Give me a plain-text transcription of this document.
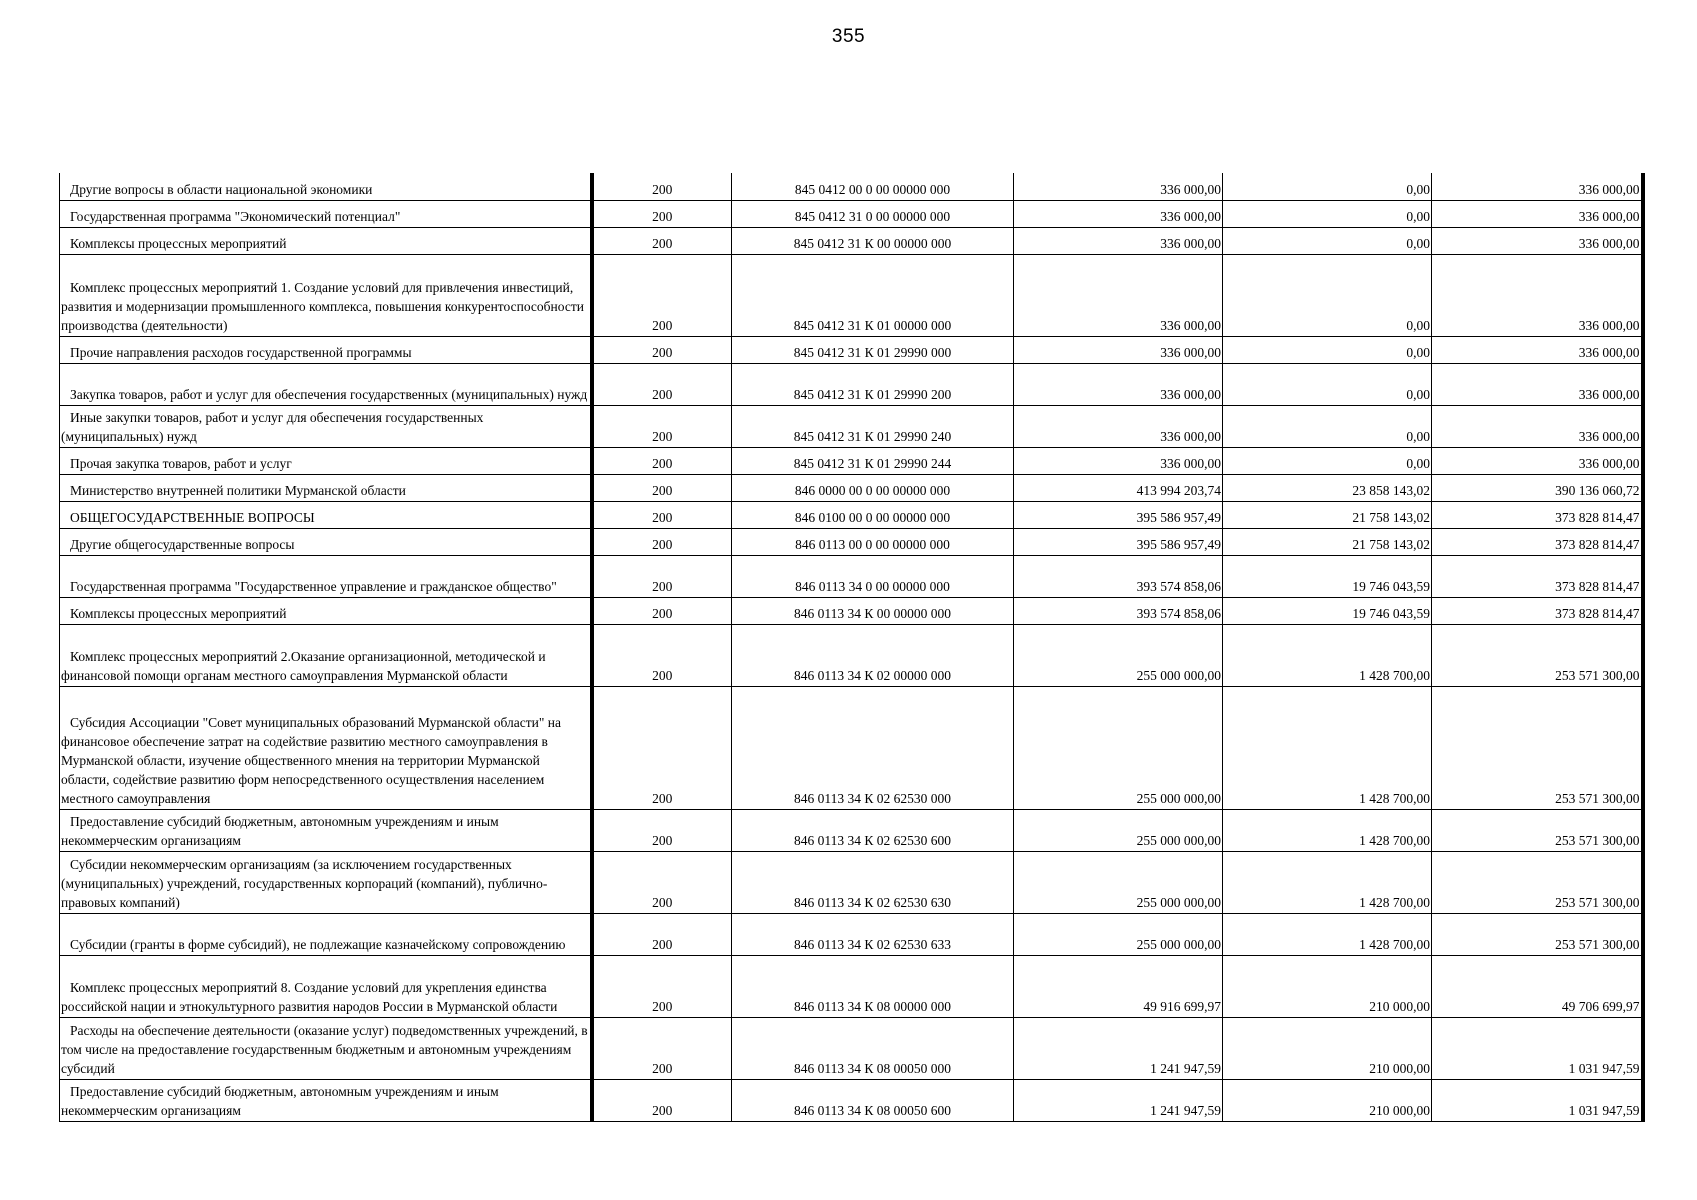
355
Другие вопросы в области национальной экономики	200	845 0412 00 0 00 00000 000	336 000,00	0,00	336 000,00
Государственная программа "Экономический потенциал"	200	845 0412 31 0 00 00000 000	336 000,00	0,00	336 000,00
Комплексы процессных мероприятий	200	845 0412 31 К 00 00000 000	336 000,00	0,00	336 000,00
Комплекс процессных мероприятий 1. Создание условий для привлечения инвестиций, развития и модернизации промышленного комплекса, повышения конкурентоспособности производства (деятельности)	200	845 0412 31 К 01 00000 000	336 000,00	0,00	336 000,00
Прочие направления расходов государственной программы	200	845 0412 31 К 01 29990 000	336 000,00	0,00	336 000,00
Закупка товаров, работ и услуг для обеспечения государственных (муниципальных) нужд	200	845 0412 31 К 01 29990 200	336 000,00	0,00	336 000,00
Иные закупки товаров, работ и услуг для обеспечения государственных (муниципальных) нужд	200	845 0412 31 К 01 29990 240	336 000,00	0,00	336 000,00
Прочая закупка товаров, работ и услуг	200	845 0412 31 К 01 29990 244	336 000,00	0,00	336 000,00
Министерство внутренней политики Мурманской области	200	846 0000 00 0 00 00000 000	413 994 203,74	23 858 143,02	390 136 060,72
ОБЩЕГОСУДАРСТВЕННЫЕ ВОПРОСЫ	200	846 0100 00 0 00 00000 000	395 586 957,49	21 758 143,02	373 828 814,47
Другие общегосударственные вопросы	200	846 0113 00 0 00 00000 000	395 586 957,49	21 758 143,02	373 828 814,47
Государственная программа "Государственное управление и гражданское общество"	200	846 0113 34 0 00 00000 000	393 574 858,06	19 746 043,59	373 828 814,47
Комплексы процессных мероприятий	200	846 0113 34 К 00 00000 000	393 574 858,06	19 746 043,59	373 828 814,47
Комплекс процессных мероприятий 2.Оказание организационной, методической и финансовой помощи органам местного самоуправления Мурманской области	200	846 0113 34 К 02 00000 000	255 000 000,00	1 428 700,00	253 571 300,00
Субсидия Ассоциации "Совет муниципальных образований Мурманской области" на финансовое обеспечение затрат на содействие развитию местного самоуправления в Мурманской области, изучение общественного мнения на территории Мурманской области, содействие развитию форм непосредственного осуществления населением местного самоуправления	200	846 0113 34 К 02 62530 000	255 000 000,00	1 428 700,00	253 571 300,00
Предоставление субсидий бюджетным, автономным учреждениям и иным некоммерческим организациям	200	846 0113 34 К 02 62530 600	255 000 000,00	1 428 700,00	253 571 300,00
Субсидии некоммерческим организациям (за исключением государственных (муниципальных) учреждений, государственных корпораций (компаний), публично-правовых компаний)	200	846 0113 34 К 02 62530 630	255 000 000,00	1 428 700,00	253 571 300,00
Субсидии (гранты в форме субсидий), не подлежащие казначейскому сопровождению	200	846 0113 34 К 02 62530 633	255 000 000,00	1 428 700,00	253 571 300,00
Комплекс процессных мероприятий 8. Создание условий для укрепления единства российской нации и этнокультурного развития народов России в Мурманской области	200	846 0113 34 К 08 00000 000	49 916 699,97	210 000,00	49 706 699,97
Расходы на обеспечение деятельности (оказание услуг) подведомственных учреждений, в том числе на предоставление государственным бюджетным и автономным учреждениям субсидий	200	846 0113 34 К 08 00050 000	1 241 947,59	210 000,00	1 031 947,59
Предоставление субсидий бюджетным, автономным учреждениям и иным некоммерческим организациям	200	846 0113 34 К 08 00050 600	1 241 947,59	210 000,00	1 031 947,59
